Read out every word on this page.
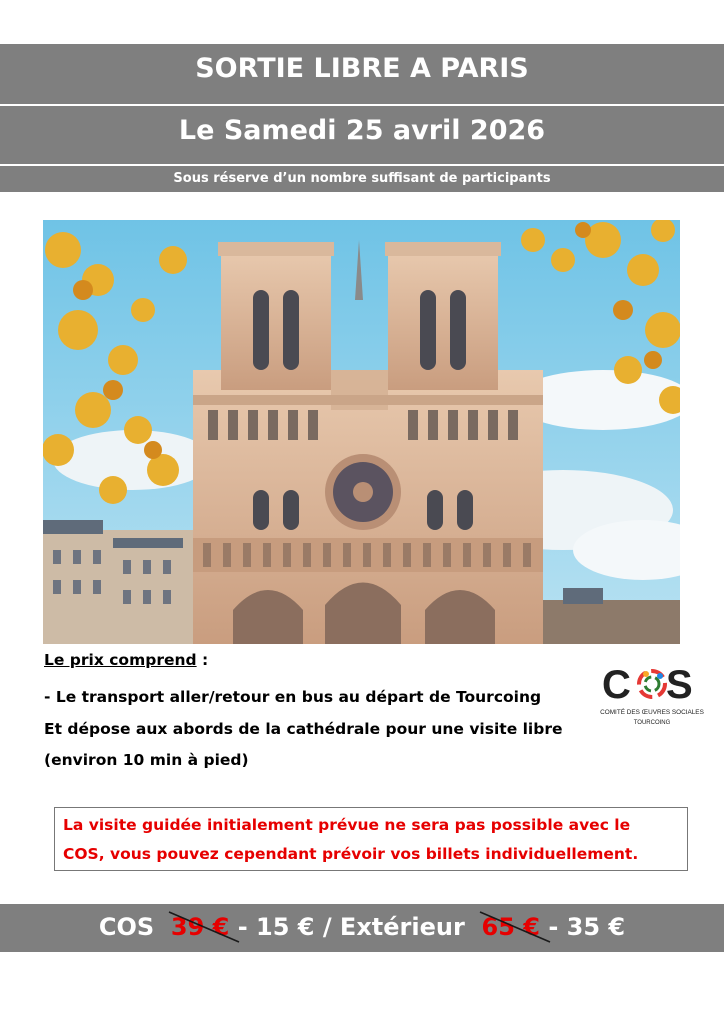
SORTIE LIBRE A PARIS
Le Samedi 25 avril 2026
Sous réserve d’un nombre suffisant de participants
Le prix comprend :
- Le transport aller/retour en bus au départ de Tourcoing
Et dépose aux abords de la cathédrale pour une visite libre
(environ 10 min à pied)
C S
COMITÉ DES ŒUVRES SOCIALES
TOURCOING
La visite guidée initialement prévue ne sera pas possible avec le
COS, vous pouvez cependant prévoir vos billets individuellement.
COS 39 € - 15 € / Extérieur 65 € - 35 €
